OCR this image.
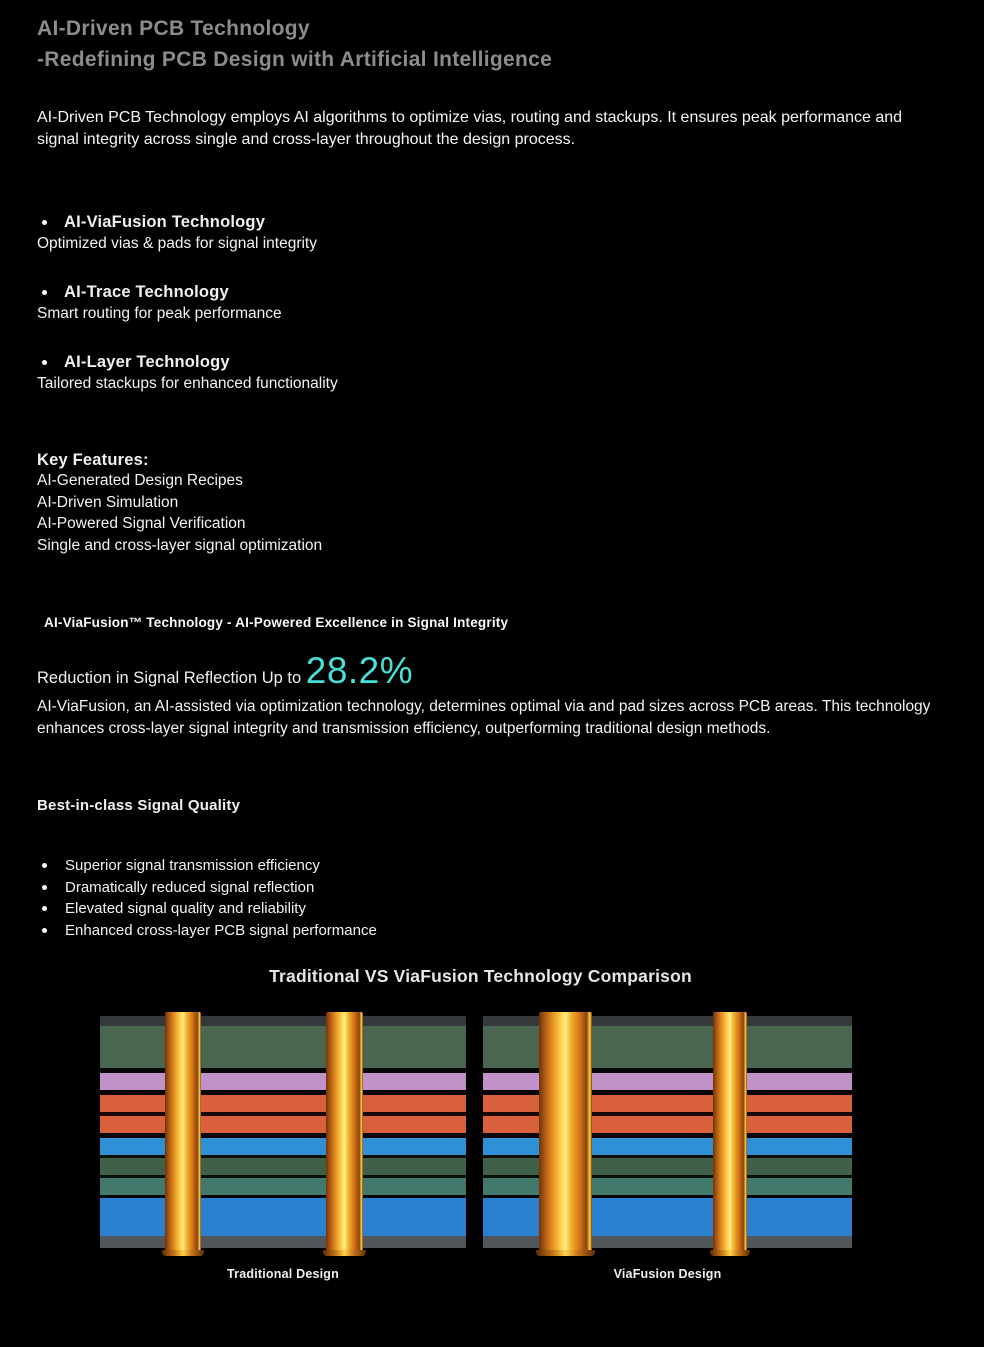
AI-Driven PCB Technology
-Redefining PCB Design with Artificial Intelligence

AI-Driven PCB Technology employs AI algorithms to optimize vias, routing and stackups. It ensures peak performance and signal integrity across single and cross-layer throughout the design process.

AI-ViaFusion Technology
Optimized vias & pads for signal integrity
AI-Trace Technology
Smart routing for peak performance
AI-Layer Technology
Tailored stackups for enhanced functionality
Key Features:
AI-Generated Design Recipes
AI-Driven Simulation
AI-Powered Signal Verification
Single and cross-layer signal optimization
AI-ViaFusion™ Technology - AI-Powered Excellence in Signal Integrity
Reduction in Signal Reflection Up to 28.2%

AI-ViaFusion, an AI-assisted via optimization technology, determines optimal via and pad sizes across PCB areas. This technology enhances cross-layer signal integrity and transmission efficiency, outperforming traditional design methods.

Best-in-class Signal Quality
Superior signal transmission efficiency
Dramatically reduced signal reflection
Elevated signal quality and reliability
Enhanced cross-layer PCB signal performance
Traditional VS ViaFusion Technology Comparison
Traditional Design	ViaFusion Design
